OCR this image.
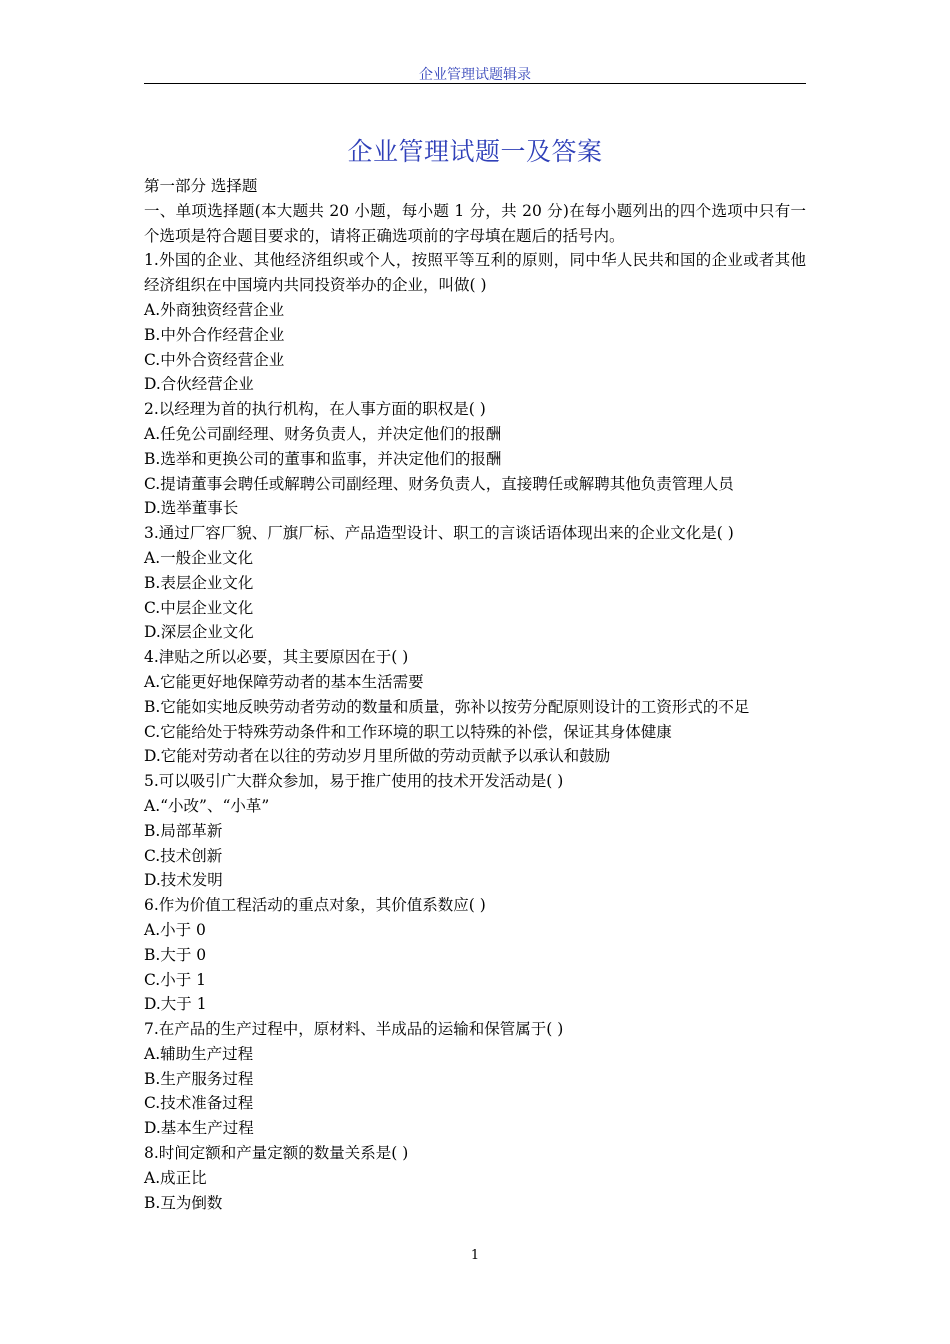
企业管理试题辑录
企业管理试题一及答案

第一部分 选择题

一、单项选择题(本大题共 20 小题，每小题 1 分，共 20 分)在每小题列出的四个选项中只有一个选项是符合题目要求的，请将正确选项前的字母填在题后的括号内。

1.外国的企业、其他经济组织或个人，按照平等互利的原则，同中华人民共和国的企业或者其他经济组织在中国境内共同投资举办的企业，叫做( )

A.外商独资经营企业

B.中外合作经营企业

C.中外合资经营企业

D.合伙经营企业

2.以经理为首的执行机构，在人事方面的职权是( )

A.任免公司副经理、财务负责人，并决定他们的报酬

B.选举和更换公司的董事和监事，并决定他们的报酬

C.提请董事会聘任或解聘公司副经理、财务负责人，直接聘任或解聘其他负责管理人员

D.选举董事长

3.通过厂容厂貌、厂旗厂标、产品造型设计、职工的言谈话语体现出来的企业文化是( )

A.一般企业文化

B.表层企业文化

C.中层企业文化

D.深层企业文化

4.津贴之所以必要，其主要原因在于( )

A.它能更好地保障劳动者的基本生活需要

B.它能如实地反映劳动者劳动的数量和质量，弥补以按劳分配原则设计的工资形式的不足

C.它能给处于特殊劳动条件和工作环境的职工以特殊的补偿，保证其身体健康

D.它能对劳动者在以往的劳动岁月里所做的劳动贡献予以承认和鼓励

5.可以吸引广大群众参加，易于推广使用的技术开发活动是( )

A.“小改”、“小革”

B.局部革新

C.技术创新

D.技术发明

6.作为价值工程活动的重点对象，其价值系数应( )

A.小于 0

B.大于 0

C.小于 1

D.大于 1

7.在产品的生产过程中，原材料、半成品的运输和保管属于( )

A.辅助生产过程

B.生产服务过程

C.技术准备过程

D.基本生产过程

8.时间定额和产量定额的数量关系是( )

A.成正比

B.互为倒数

1
